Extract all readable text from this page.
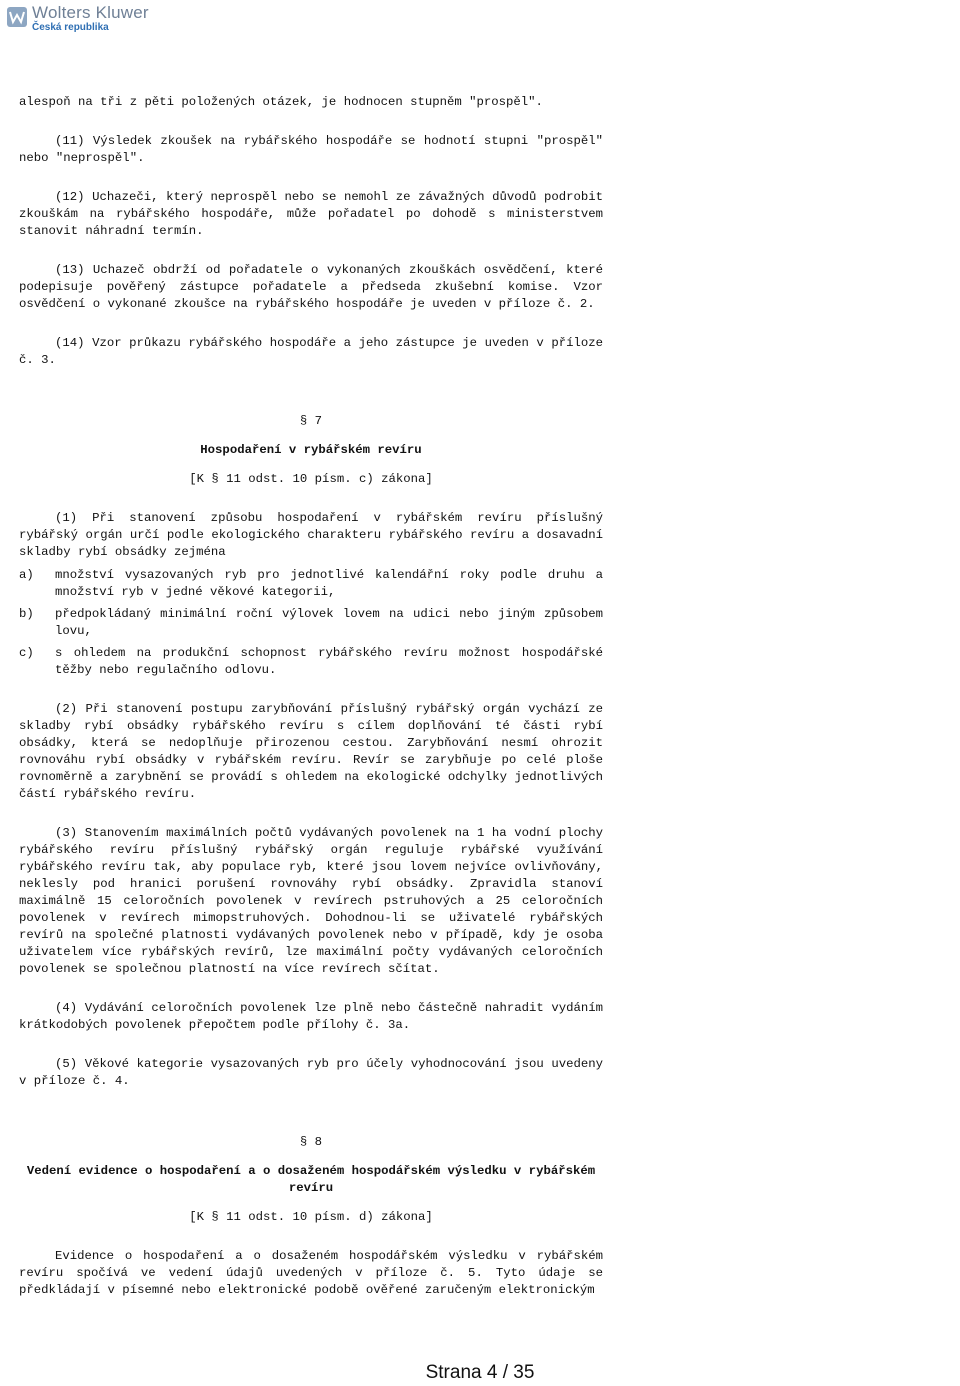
Wolters Kluwer
Česká republika

alespoň na tři z pěti položených otázek, je hodnocen stupněm "prospěl".

(11) Výsledek zkoušek na rybářského hospodáře se hodnotí stupni "prospěl" nebo "neprospěl".

(12) Uchazeči, který neprospěl nebo se nemohl ze závažných důvodů podrobit zkouškám na rybářského hospodáře, může pořadatel po dohodě s ministerstvem stanovit náhradní termín.

(13) Uchazeč obdrží od pořadatele o vykonaných zkouškách osvědčení, které podepisuje pověřený zástupce pořadatele a předseda zkušební komise. Vzor osvědčení o vykonané zkoušce na rybářského hospodáře je uveden v příloze č. 2.

(14) Vzor průkazu rybářského hospodáře a jeho zástupce je uveden v příloze č. 3.

§ 7

Hospodaření v rybářském revíru

[K § 11 odst. 10 písm. c) zákona]

(1) Při stanovení způsobu hospodaření v rybářském revíru příslušný rybářský orgán určí podle ekologického charakteru rybářského revíru a dosavadní skladby rybí obsádky zejména

a)	množství vysazovaných ryb pro jednotlivé kalendářní roky podle druhu a množství ryb v jedné věkové kategorii,
b)	předpokládaný minimální roční výlovek lovem na udici nebo jiným způsobem lovu,
c)	s ohledem na produkční schopnost rybářského revíru možnost hospodářské těžby nebo regulačního odlovu.

(2) Při stanovení postupu zarybňování příslušný rybářský orgán vychází ze skladby rybí obsádky rybářského revíru s cílem doplňování té části rybí obsádky, která se nedoplňuje přirozenou cestou. Zarybňování nesmí ohrozit rovnováhu rybí obsádky v rybářském revíru. Revír se zarybňuje po celé ploše rovnoměrně a zarybnění se provádí s ohledem na ekologické odchylky jednotlivých částí rybářského revíru.

(3) Stanovením maximálních počtů vydávaných povolenek na 1 ha vodní plochy rybářského revíru příslušný rybářský orgán reguluje rybářské využívání rybářského revíru tak, aby populace ryb, které jsou lovem nejvíce ovlivňovány, neklesly pod hranici porušení rovnováhy rybí obsádky. Zpravidla stanoví maximálně 15 celoročních povolenek v revírech pstruhových a 25 celoročních povolenek v revírech mimopstruhových. Dohodnou-li se uživatelé rybářských revírů na společné platnosti vydávaných povolenek nebo v případě, kdy je osoba uživatelem více rybářských revírů, lze maximální počty vydávaných celoročních povolenek se společnou platností na více revírech sčítat.

(4) Vydávání celoročních povolenek lze plně nebo částečně nahradit vydáním krátkodobých povolenek přepočtem podle přílohy č. 3a.

(5) Věkové kategorie vysazovaných ryb pro účely vyhodnocování jsou uvedeny v příloze č. 4.

§ 8

Vedení evidence o hospodaření a o dosaženém hospodářském výsledku v rybářském revíru

[K § 11 odst. 10 písm. d) zákona]

Evidence o hospodaření a o dosaženém hospodářském výsledku v rybářském revíru spočívá ve vedení údajů uvedených v příloze č. 5. Tyto údaje se předkládají v písemné nebo elektronické podobě ověřené zaručeným elektronickým

Strana 4 / 35
